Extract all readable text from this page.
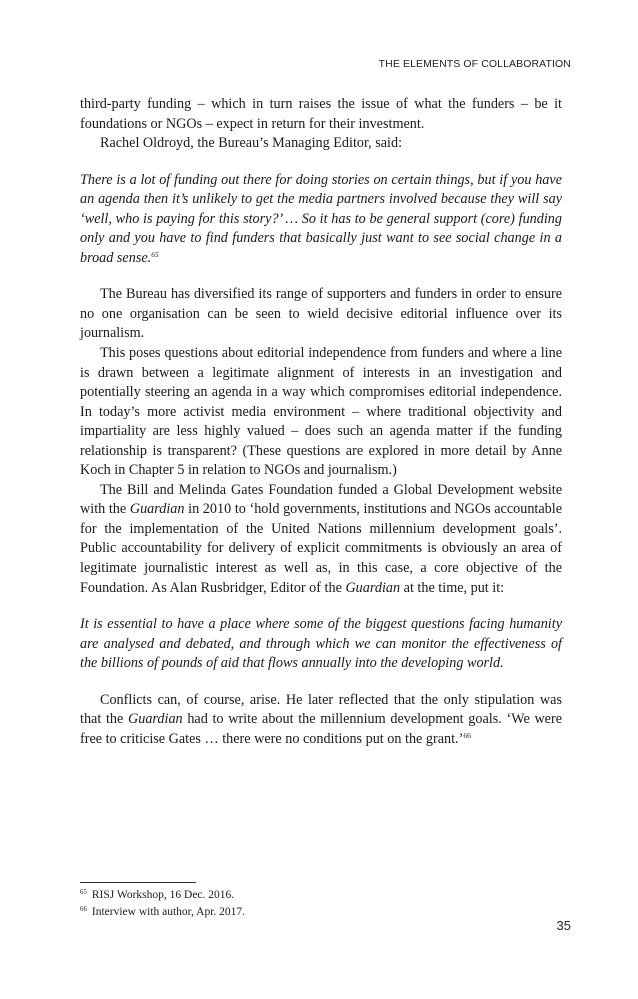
THE ELEMENTS OF COLLABORATION

third-party funding – which in turn raises the issue of what the funders – be it foundations or NGOs – expect in return for their investment.

Rachel Oldroyd, the Bureau’s Managing Editor, said:

There is a lot of funding out there for doing stories on certain things, but if you have an agenda then it’s unlikely to get the media partners involved because they will say ‘well, who is paying for this story?’ … So it has to be general support (core) funding only and you have to find funders that basically just want to see social change in a broad sense.$^{65}$

The Bureau has diversified its range of supporters and funders in order to ensure no one organisation can be seen to wield decisive editorial influence over its journalism.

This poses questions about editorial independence from funders and where a line is drawn between a legitimate alignment of interests in an investigation and potentially steering an agenda in a way which compromises editorial independence. In today’s more activist media environment – where traditional objectivity and impartiality are less highly valued – does such an agenda matter if the funding relationship is transparent? (These questions are explored in more detail by Anne Koch in Chapter 5 in relation to NGOs and journalism.)

The Bill and Melinda Gates Foundation funded a Global Development website with the Guardian in 2010 to ‘hold governments, institutions and NGOs accountable for the implementation of the United Nations millennium development goals’. Public accountability for delivery of explicit commitments is obviously an area of legitimate journalistic interest as well as, in this case, a core objective of the Foundation. As Alan Rusbridger, Editor of the Guardian at the time, put it:

It is essential to have a place where some of the biggest questions facing humanity are analysed and debated, and through which we can monitor the effectiveness of the billions of pounds of aid that flows annually into the developing world.

Conflicts can, of course, arise. He later reflected that the only stipulation was that the Guardian had to write about the millennium development goals. ‘We were free to criticise Gates … there were no conditions put on the grant.’$^{66}$

$^{65}$ RISJ Workshop, 16 Dec. 2016.

$^{66}$ Interview with author, Apr. 2017.

35
